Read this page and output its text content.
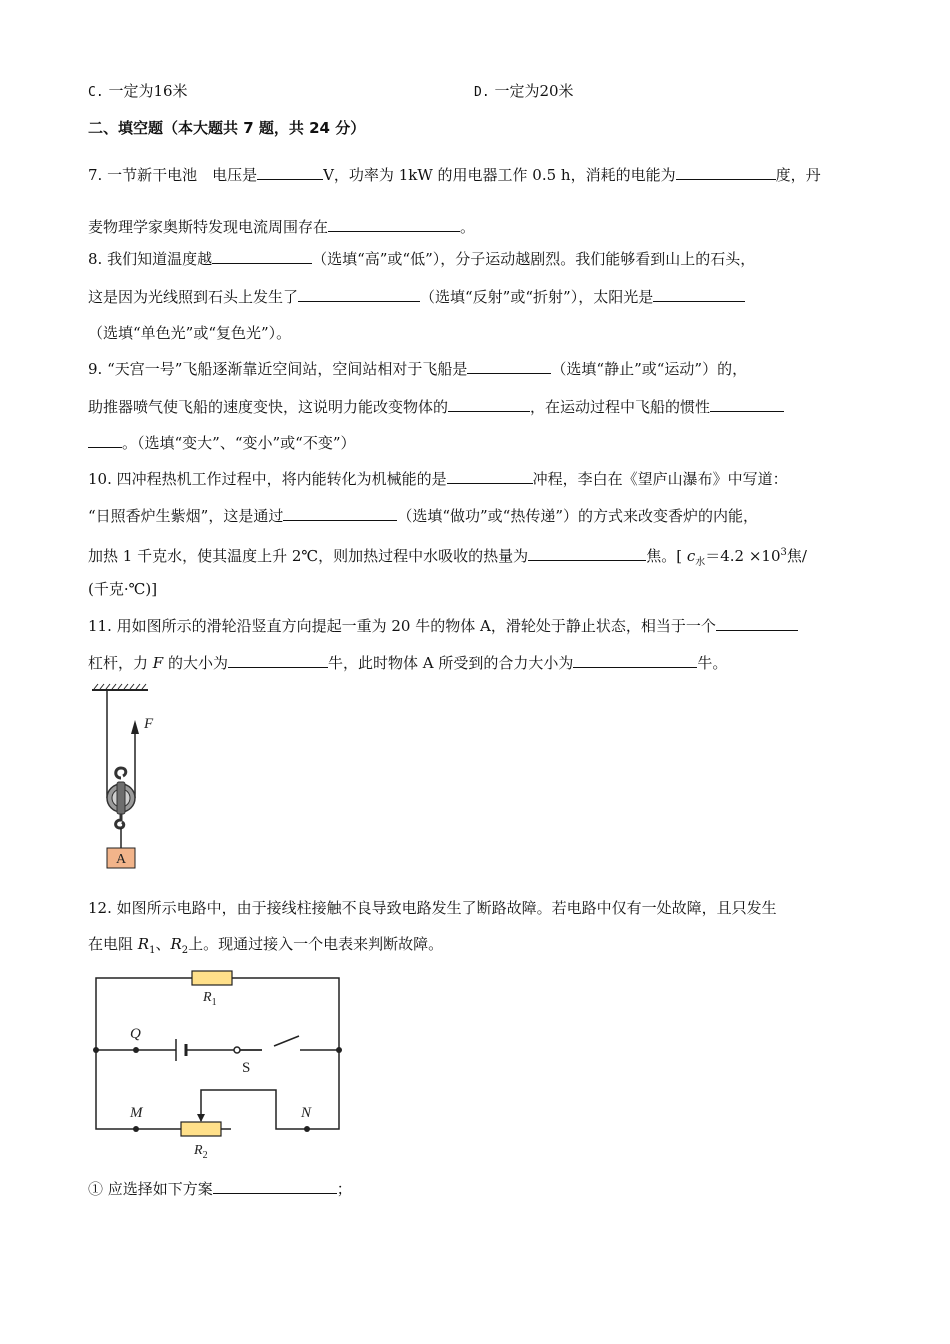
C. 一定为16米	D. 一定为20米
二、填空题（本大题共 7 题，共 24 分）
7. 一节新干电池　电压是	V，功率为 1kW 的用电器工作 0.5 h，消耗的电能为	度，丹
麦物理学家奥斯特发现电流周围存在	。
8. 我们知道温度越	（选填“高”或“低”），分子运动越剧烈。我们能够看到山上的石头，
这是因为光线照到石头上发生了	（选填“反射”或“折射”），太阳光是
（选填“单色光”或“复色光”）。
9. “天宫一号”飞船逐渐靠近空间站，空间站相对于飞船是	（选填“静止”或“运动”）的，
助推器喷气使飞船的速度变快，这说明力能改变物体的	，在运动过程中飞船的惯性
。（选填“变大”、“变小”或“不变”）
10. 四冲程热机工作过程中，将内能转化为机械能的是	冲程，李白在《望庐山瀑布》中写道：
“日照香炉生紫烟”，这是通过	（选填“做功”或“热传递”）的方式来改变香炉的内能，
加热 1 千克水，使其温度上升 2℃，则加热过程中水吸收的热量为	焦。[ $c_水=4.2 \times 10^3$焦/
(千克·℃)]
11. 用如图所示的滑轮沿竖直方向提起一重为 20 牛的物体 A，滑轮处于静止状态，相当于一个
杠杆，力 F 的大小为	牛，此时物体 A 所受到的合力大小为	牛。
F
A
12. 如图所示电路中，由于接线柱接触不良导致电路发生了断路故障。若电路中仅有一处故障，且只发生
在电阻 $R_1$、$R_2$上。现通过接入一个电表来判断故障。
$R_1$
Q
S
M	N
$R_2$
① 应选择如下方案	；
